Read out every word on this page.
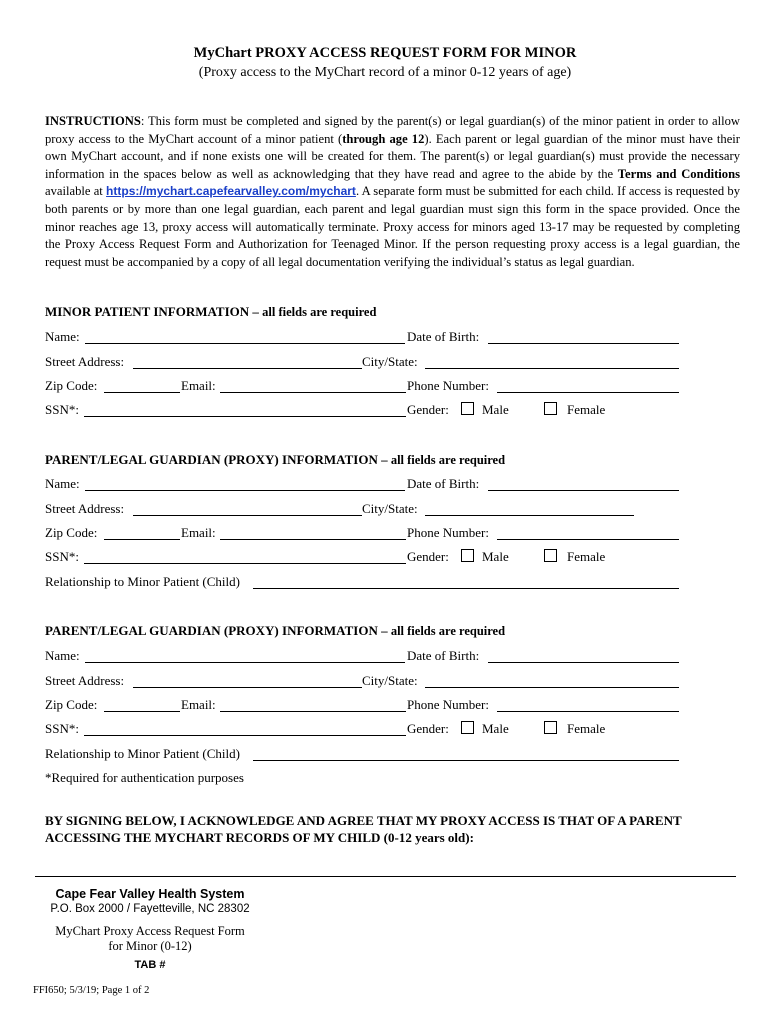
MyChart PROXY ACCESS REQUEST FORM FOR MINOR
(Proxy access to the MyChart record of a minor 0-12 years of age)
INSTRUCTIONS: This form must be completed and signed by the parent(s) or legal guardian(s) of the minor patient in order to allow proxy access to the MyChart account of a minor patient (through age 12). Each parent or legal guardian of the minor must have their own MyChart account, and if none exists one will be created for them. The parent(s) or legal guardian(s) must provide the necessary information in the spaces below as well as acknowledging that they have read and agree to the abide by the Terms and Conditions available at https://mychart.capefearvalley.com/mychart. A separate form must be submitted for each child. If access is requested by both parents or by more than one legal guardian, each parent and legal guardian must sign this form in the space provided. Once the minor reaches age 13, proxy access will automatically terminate. Proxy access for minors aged 13-17 may be requested by completing the Proxy Access Request Form and Authorization for Teenaged Minor. If the person requesting proxy access is a legal guardian, the request must be accompanied by a copy of all legal documentation verifying the individual’s status as legal guardian.
MINOR PATIENT INFORMATION – all fields are required
Name:	Date of Birth:
Street Address:	City/State:
Zip Code:	Email:	Phone Number:
SSN*:	Gender:	Male	Female
PARENT/LEGAL GUARDIAN (PROXY) INFORMATION – all fields are required
Name:	Date of Birth:
Street Address:	City/State:
Zip Code:	Email:	Phone Number:
SSN*:	Gender:	Male	Female
Relationship to Minor Patient (Child)
PARENT/LEGAL GUARDIAN (PROXY) INFORMATION – all fields are required
Name:	Date of Birth:
Street Address:	City/State:
Zip Code:	Email:	Phone Number:
SSN*:	Gender:	Male	Female
Relationship to Minor Patient (Child)
*Required for authentication purposes
BY SIGNING BELOW, I ACKNOWLEDGE AND AGREE THAT MY PROXY ACCESS IS THAT OF A PARENT ACCESSING THE MYCHART RECORDS OF MY CHILD (0-12 years old):
Cape Fear Valley Health System
P.O. Box 2000 / Fayetteville, NC 28302
MyChart Proxy Access Request Form
for Minor (0-12)
TAB #
FFI650; 5/3/19; Page 1 of 2
